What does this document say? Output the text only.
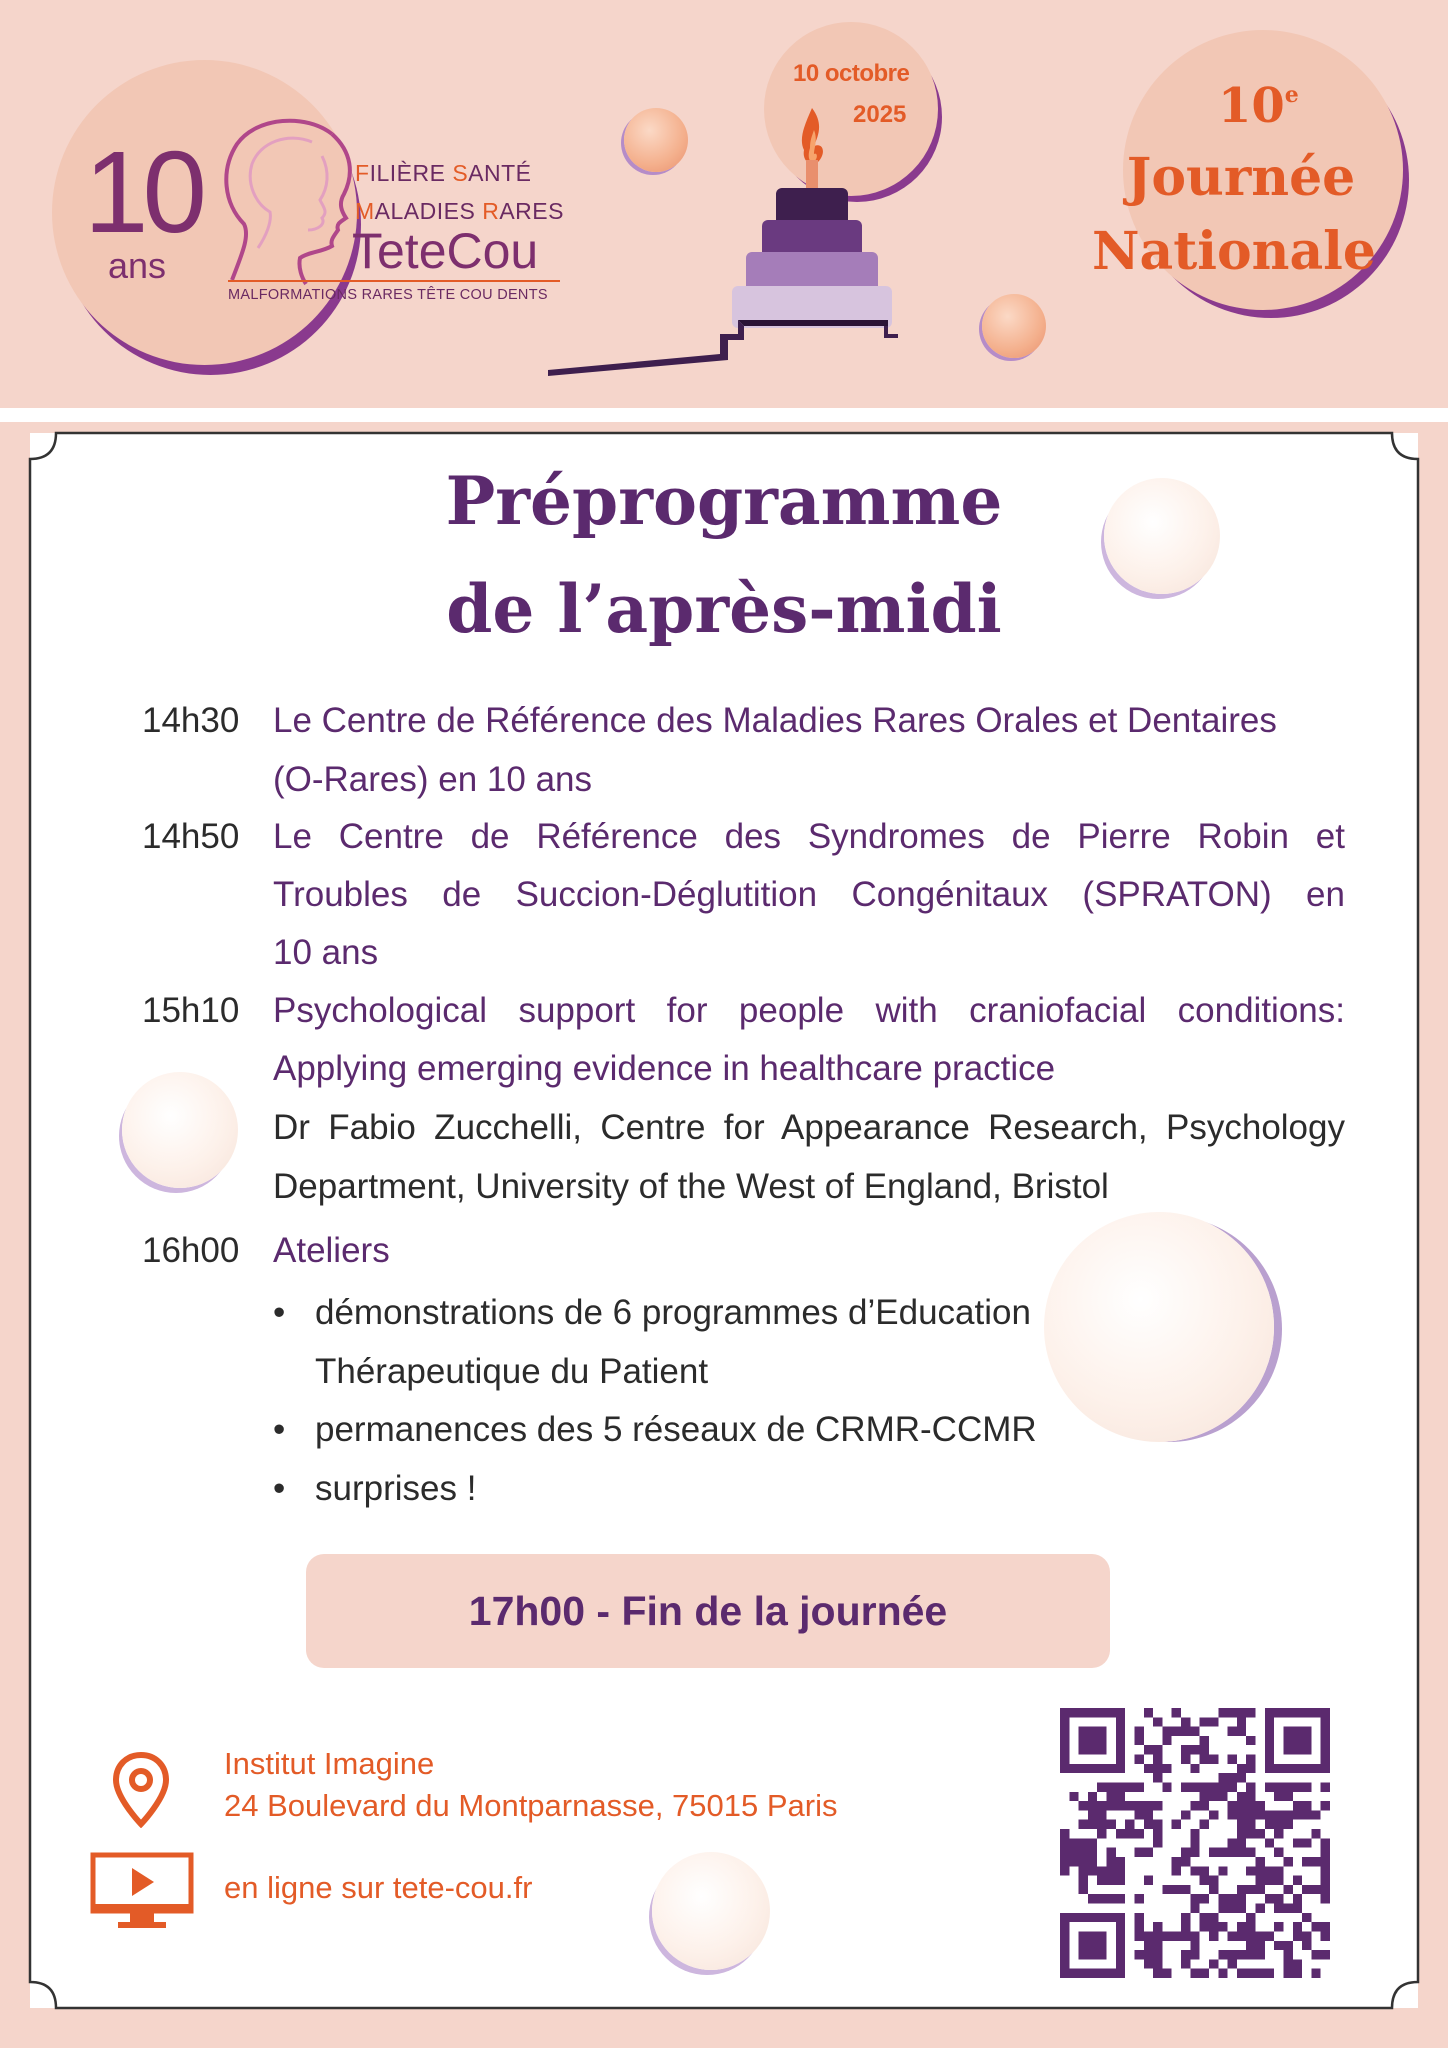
10
ans
FILIÈRE SANTÉ
MALADIES RARES
TeteCou
MALFORMATIONS RARES TÊTE COU DENTS
10 octobre
2025	10e
Journée
Nationale
Préprogramme
de l’après-midi
14h30 Le Centre de Référence des Maladies Rares Orales et Dentaires
(O-Rares) en 10 ans
14h50 Le Centre de Référence des Syndromes de Pierre Robin et
Troubles de Succion-Déglutition Congénitaux (SPRATON) en
10 ans
15h10 Psychological support for people with craniofacial conditions:
Applying emerging evidence in healthcare practice
Dr Fabio Zucchelli, Centre for Appearance Research, Psychology
Department, University of the West of England, Bristol
16h00 Ateliers
• démonstrations de 6 programmes d’Education
Thérapeutique du Patient
• permanences des 5 réseaux de CRMR-CCMR
• surprises !
17h00 - Fin de la journée
Institut Imagine
24 Boulevard du Montparnasse, 75015 Paris
en ligne sur tete-cou.fr
